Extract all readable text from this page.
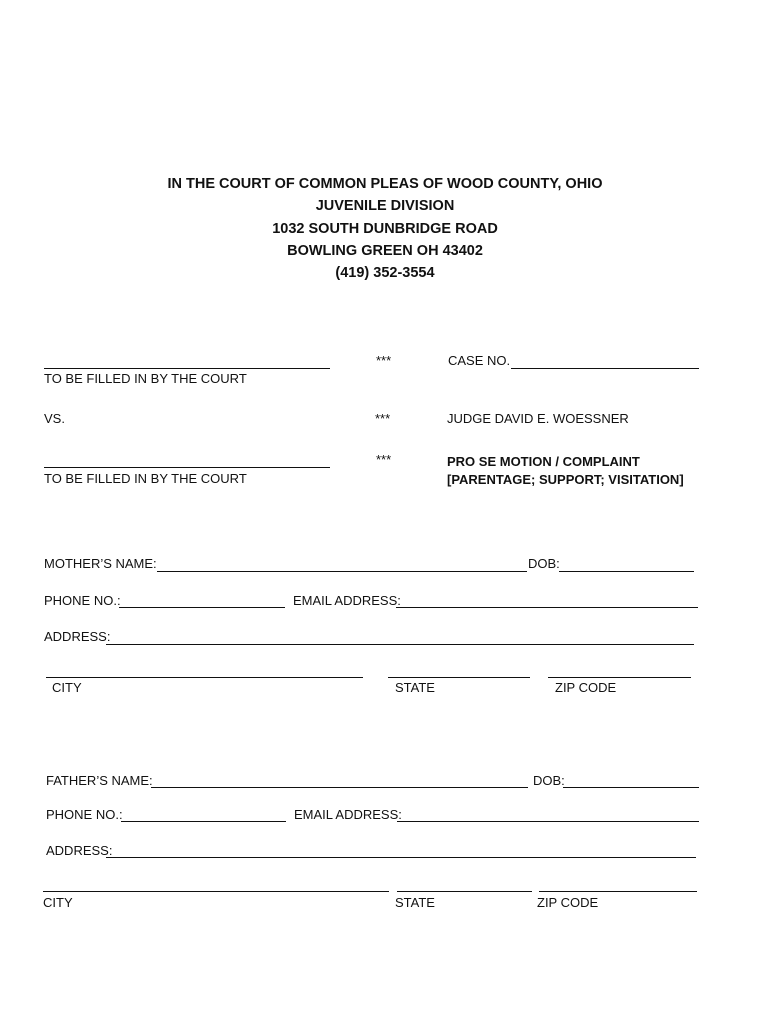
IN THE COURT OF COMMON PLEAS OF WOOD COUNTY, OHIO
JUVENILE DIVISION
1032 SOUTH DUNBRIDGE ROAD
BOWLING GREEN OH 43402
(419) 352-3554
TO BE FILLED IN BY THE COURT
***	CASE NO.
VS.	***	JUDGE DAVID E. WOESSNER
TO BE FILLED IN BY THE COURT
***	PRO SE MOTION / COMPLAINT
[PARENTAGE; SUPPORT; VISITATION]
MOTHER’S NAME:	DOB:
PHONE NO.:	EMAIL ADDRESS:
ADDRESS:
CITY	STATE	ZIP CODE
FATHER’S NAME:	DOB:
PHONE NO.:	EMAIL ADDRESS:
ADDRESS:
CITY	STATE	ZIP CODE
